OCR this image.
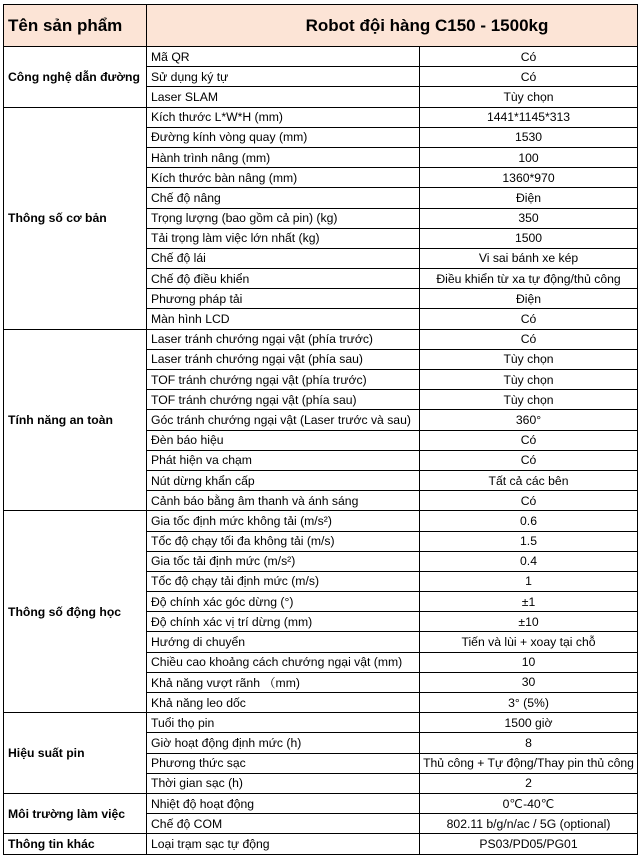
Tên sản phẩm	Robot đội hàng C150 - 1500kg	
Công nghệ dẫn đường	Mã QR	Có
	Sử dụng ký tự	Có
	Laser SLAM	Tùy chọn
Thông số cơ bản	Kích thước L*W*H (mm)	1441*1145*313
	Đường kính vòng quay (mm)	1530
	Hành trình nâng (mm)	100
	Kích thước bàn nâng (mm)	1360*970
	Chế độ nâng	Điện
	Trọng lượng (bao gồm cả pin) (kg)	350
	Tải trọng làm việc lớn nhất (kg)	1500
	Chế độ lái	Vi sai bánh xe kép
	Chế độ điều khiển	Điều khiển từ xa tự động/thủ công
	Phương pháp tải	Điện
	Màn hình LCD	Có
Tính năng an toàn	Laser tránh chướng ngại vật (phía trước)	Có
	Laser tránh chướng ngại vật (phía sau)	Tùy chọn
	TOF tránh chướng ngại vật (phía trước)	Tùy chọn
	TOF tránh chướng ngại vật (phía sau)	Tùy chọn
	Góc tránh chướng ngại vật (Laser trước và sau)	360°
	Đèn báo hiệu	Có
	Phát hiện va chạm	Có
	Nút dừng khẩn cấp	Tất cả các bên
	Cảnh báo bằng âm thanh và ánh sáng	Có
Thông số động học	Gia tốc định mức không tải (m/s²)	0.6
	Tốc độ chạy tối đa không tải (m/s)	1.5
	Gia tốc tải định mức (m/s²)	0.4
	Tốc độ chạy tải định mức (m/s)	1
	Độ chính xác góc dừng (°)	±1
	Độ chính xác vị trí dừng (mm)	±10
	Hướng di chuyển	Tiến và lùi + xoay tại chỗ
	Chiều cao khoảng cách chướng ngại vật (mm)	10
	Khả năng vượt rãnh （mm)	30
	Khả năng leo dốc	3° (5%)
Hiệu suất pin	Tuổi thọ pin	1500 giờ
	Giờ hoạt động định mức (h)	8
	Phương thức sạc	Thủ công + Tự động/Thay pin thủ công
	Thời gian sạc (h)	2
Môi trường làm việc	Nhiệt độ hoạt động	0℃-40℃
	Chế độ COM	802.11 b/g/n/ac / 5G (optional)
Thông tin khác	Loại trạm sạc tự động	PS03/PD05/PG01
